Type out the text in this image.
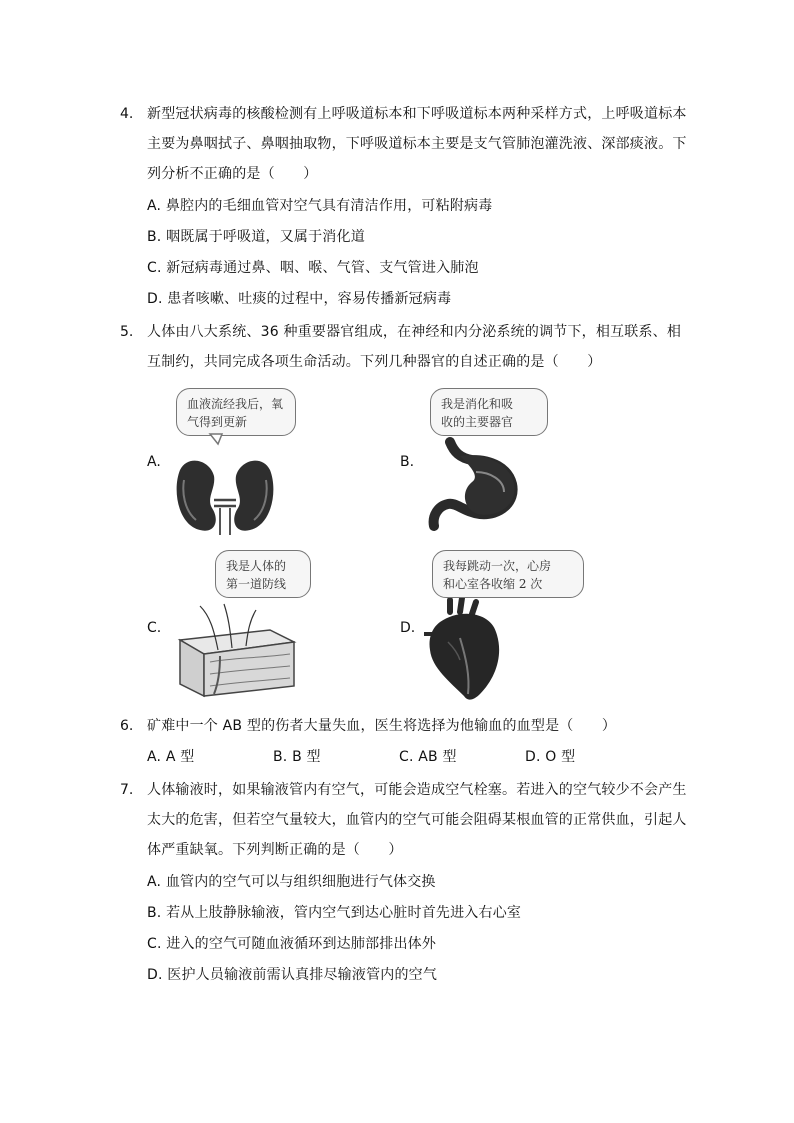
4. 新型冠状病毒的核酸检测有上呼吸道标本和下呼吸道标本两种采样方式，上呼吸道标本
主要为鼻咽拭子、鼻咽抽取物，下呼吸道标本主要是支气管肺泡灌洗液、深部痰液。下
列分析不正确的是（　　）
A. 鼻腔内的毛细血管对空气具有清洁作用，可粘附病毒
B. 咽既属于呼吸道，又属于消化道
C. 新冠病毒通过鼻、咽、喉、气管、支气管进入肺泡
D. 患者咳嗽、吐痰的过程中，容易传播新冠病毒
5. 人体由八大系统、36 种重要器官组成，在神经和内分泌系统的调节下，相互联系、相
互制约，共同完成各项生命活动。下列几种器官的自述正确的是（　　）
A.
血液流经我后，氧
气得到更新
B.
我是消化和吸
收的主要器官
C.
我是人体的
第一道防线
D.
我每跳动一次，心房
和心室各收缩 2 次
6. 矿难中一个 AB 型的伤者大量失血，医生将选择为他输血的血型是（　　）
A. A 型	B. B 型	C. AB 型	D. O 型
7. 人体输液时，如果输液管内有空气，可能会造成空气栓塞。若进入的空气较少不会产生
太大的危害，但若空气量较大，血管内的空气可能会阻碍某根血管的正常供血，引起人
体严重缺氧。下列判断正确的是（　　）
A. 血管内的空气可以与组织细胞进行气体交换
B. 若从上肢静脉输液，管内空气到达心脏时首先进入右心室
C. 进入的空气可随血液循环到达肺部排出体外
D. 医护人员输液前需认真排尽输液管内的空气
